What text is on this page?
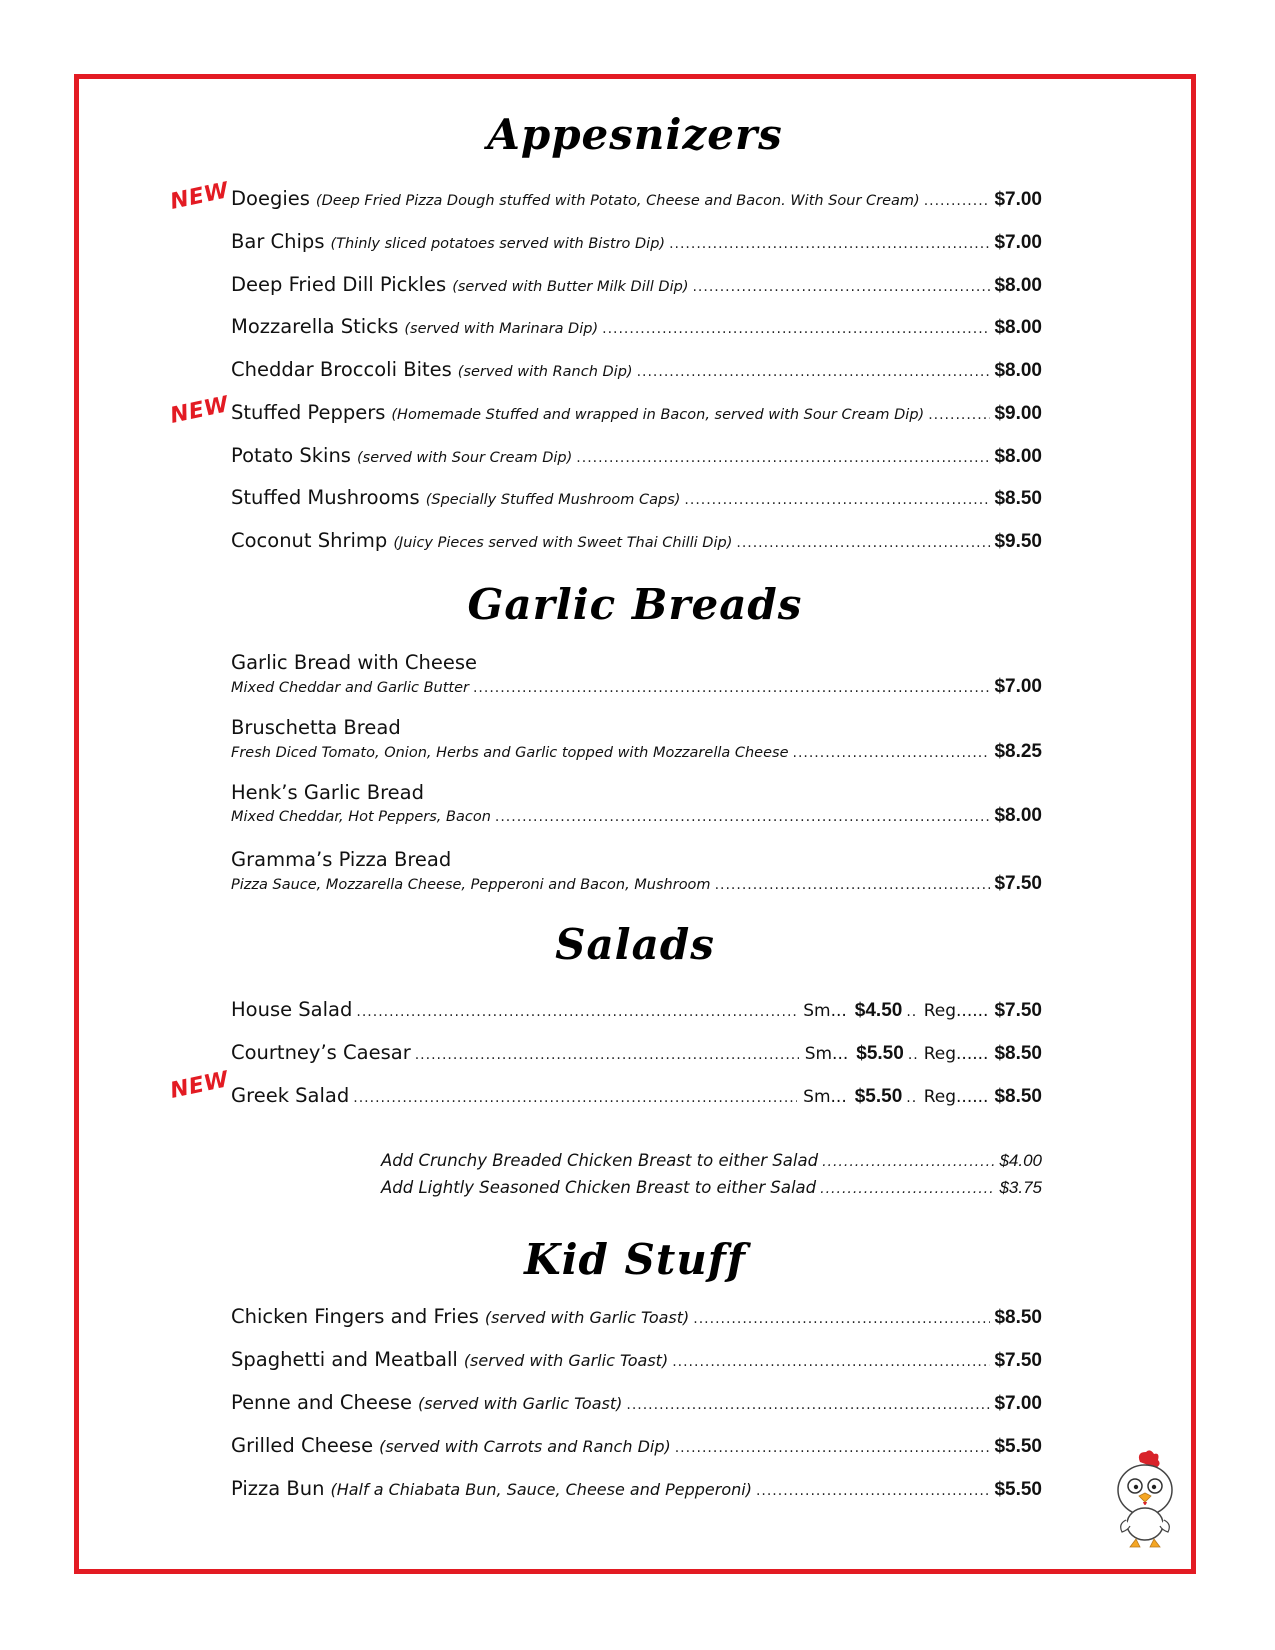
Appesnizers
NEW Doegies (Deep Fried Pizza Dough stuffed with Potato, Cheese and Bacon. With Sour Cream) .....	$7.00
Bar Chips (Thinly sliced potatoes served with Bistro Dip) .....	$7.00
Deep Fried Dill Pickles (served with Butter Milk Dill Dip) .....	$8.00
Mozzarella Sticks (served with Marinara Dip) .....	$8.00
Cheddar Broccoli Bites (served with Ranch Dip) .....	$8.00
NEW Stuffed Peppers (Homemade Stuffed and wrapped in Bacon, served with Sour Cream Dip) .....	$9.00
Potato Skins (served with Sour Cream Dip) .....	$8.00
Stuffed Mushrooms (Specially Stuffed Mushroom Caps) .....	$8.50
Coconut Shrimp (Juicy Pieces served with Sweet Thai Chilli Dip) .....	$9.50
Garlic Breads
Garlic Bread with Cheese
Mixed Cheddar and Garlic Butter .....	$7.00
Bruschetta Bread
Fresh Diced Tomato, Onion, Herbs and Garlic topped with Mozzarella Cheese .....	$8.25
Henk’s Garlic Bread
Mixed Cheddar, Hot Peppers, Bacon .....	$8.00
Gramma’s Pizza Bread
Pizza Sauce, Mozzarella Cheese, Pepperoni and Bacon, Mushroom .....	$7.50
Salads
House Salad .....	Sm... $4.50 ..... Reg...... $7.50
Courtney’s Caesar .....	Sm... $5.50 ..... Reg...... $8.50
NEW Greek Salad .....	Sm... $5.50 ..... Reg...... $8.50
Add Crunchy Breaded Chicken Breast to either Salad .....	$4.00
Add Lightly Seasoned Chicken Breast to either Salad .....	$3.75
Kid Stuff
Chicken Fingers and Fries (served with Garlic Toast) .....	$8.50
Spaghetti and Meatball (served with Garlic Toast) .....	$7.50
Penne and Cheese (served with Garlic Toast) .....	$7.00
Grilled Cheese (served with Carrots and Ranch Dip) .....	$5.50
Pizza Bun (Half a Chiabata Bun, Sauce, Cheese and Pepperoni) .....	$5.50
